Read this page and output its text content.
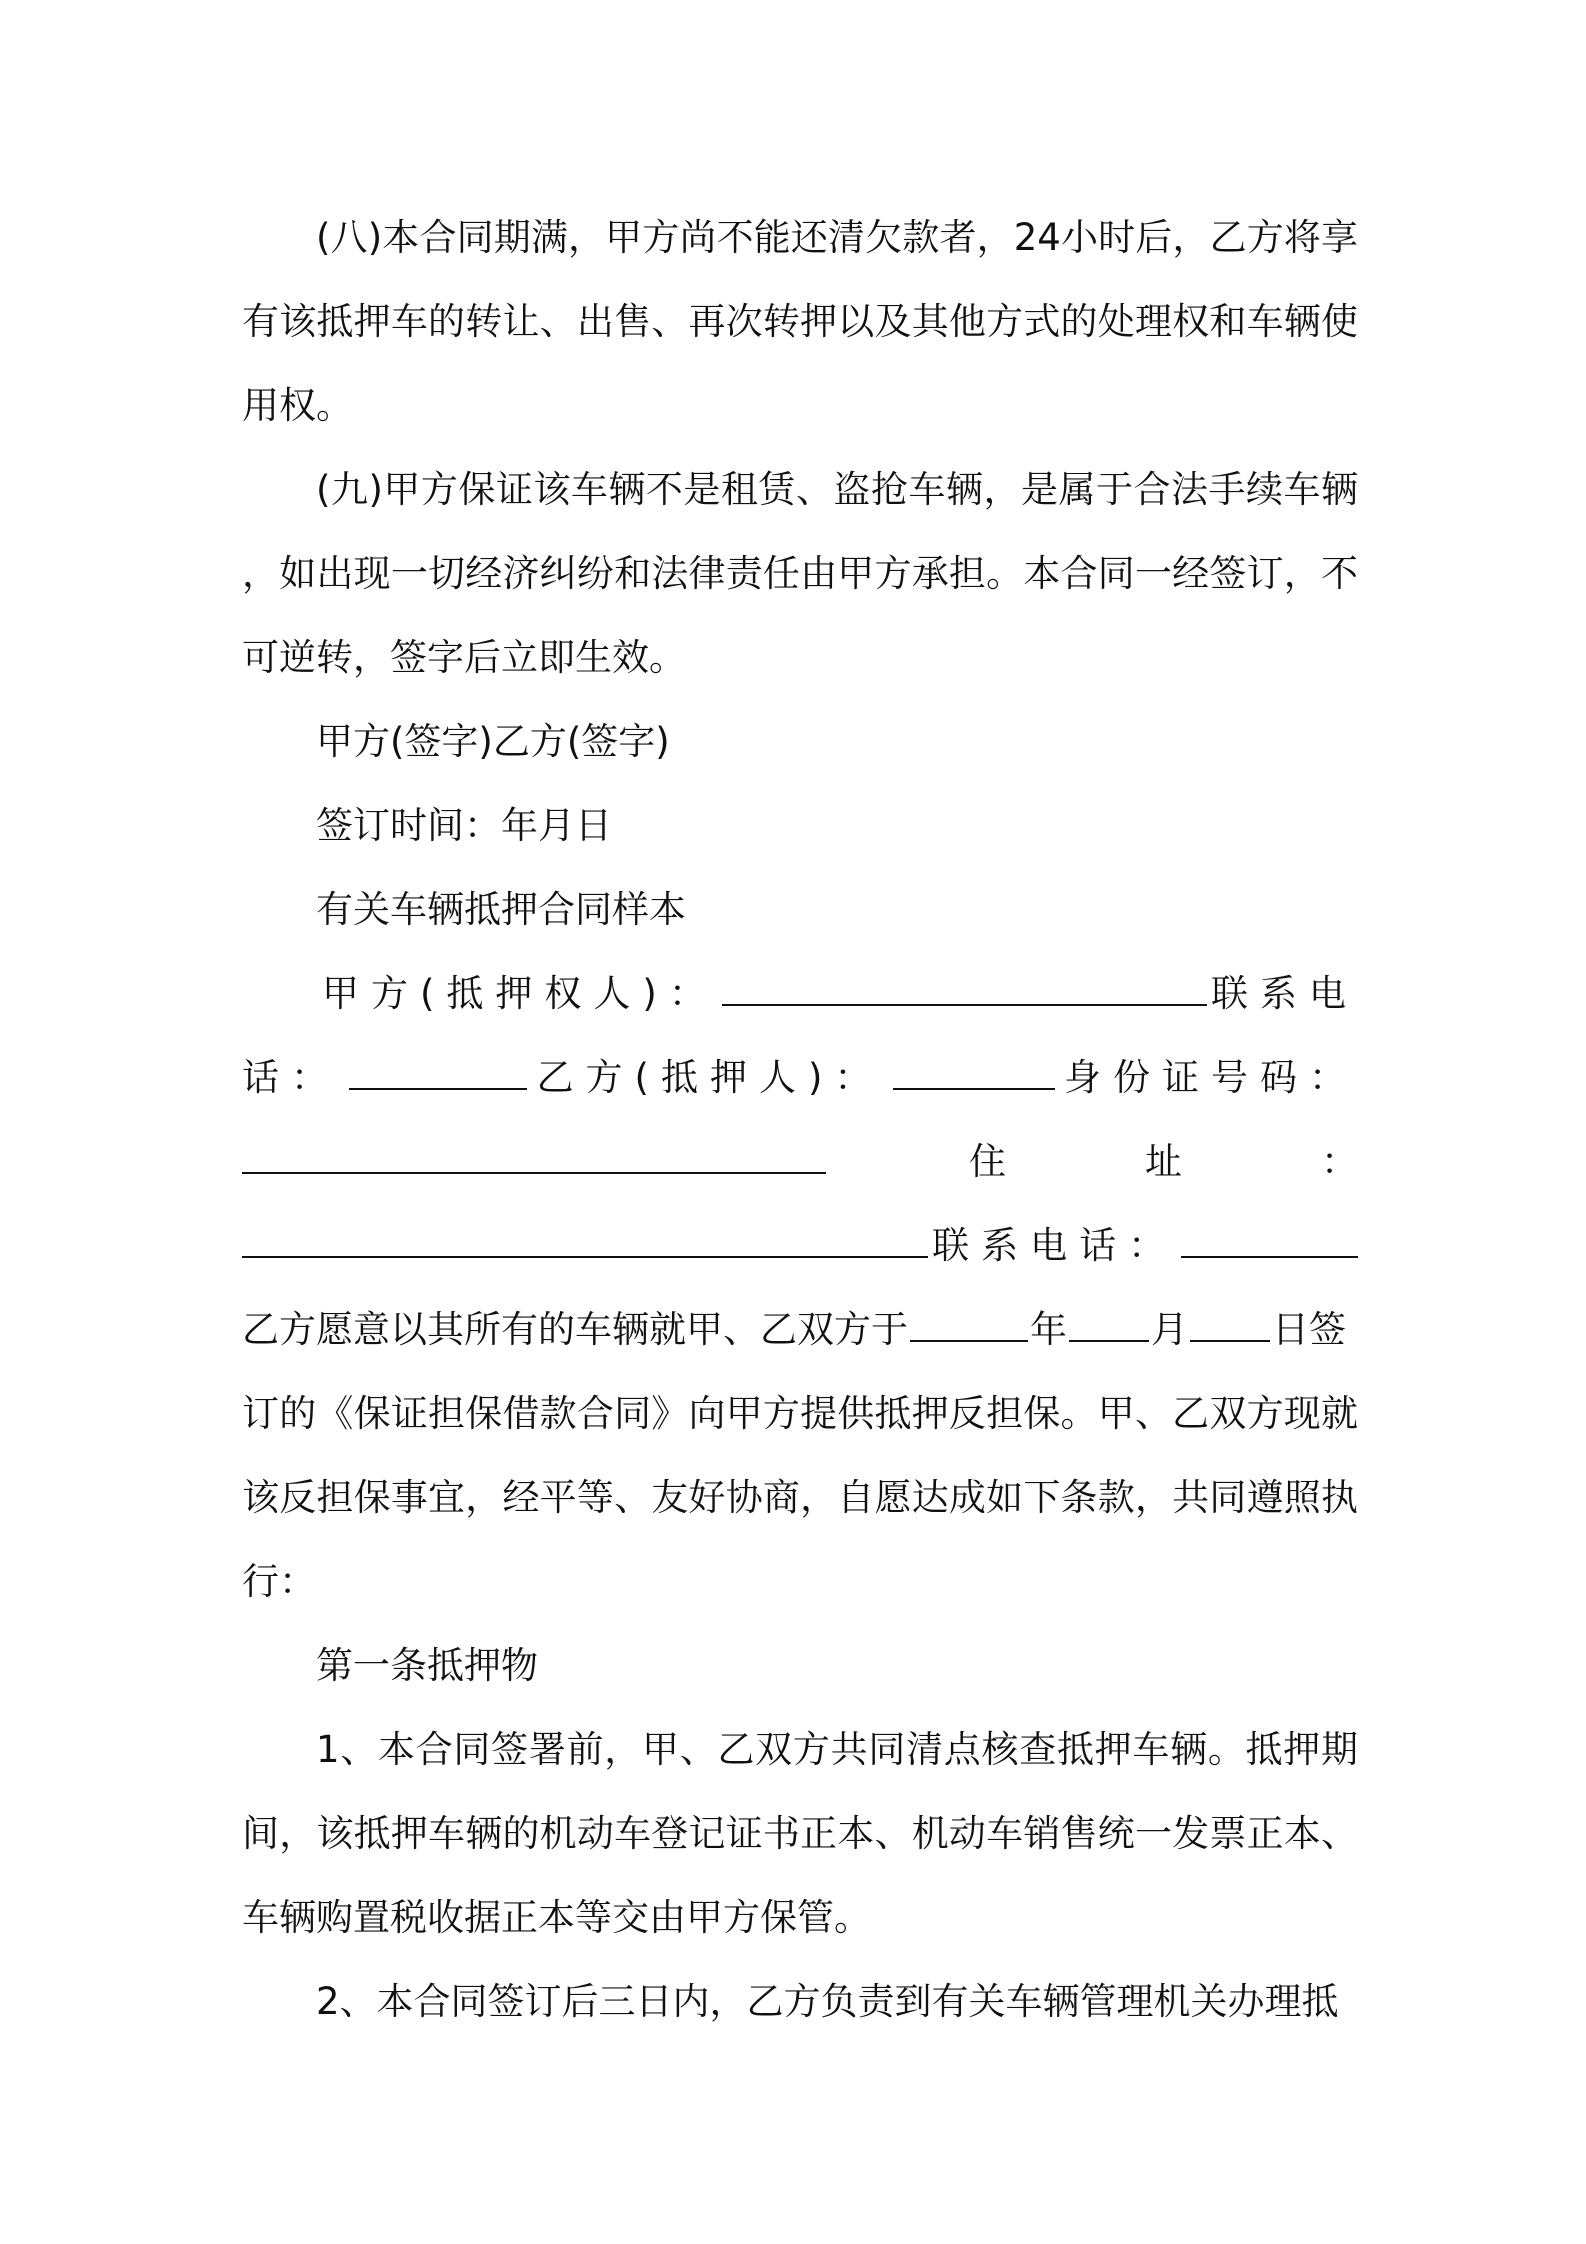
(八)本合同期满，甲方尚不能还清欠款者，24小时后，乙方将享有该抵押车的转让、出售、再次转押以及其他方式的处理权和车辆使用权。

(九)甲方保证该车辆不是租赁、盗抢车辆，是属于合法手续车辆，如出现一切经济纠纷和法律责任由甲方承担。本合同一经签订，不可逆转，签字后立即生效。

甲方(签字)乙方(签字)

签订时间：年月日

有关车辆抵押合同样本

甲方(抵押权人)：	联系电
话：	乙方(抵押人)：	身份证号码：
住	址	：
联系电话：
乙方愿意以其所有的车辆就甲、乙双方于	年 月 日签

订的《保证担保借款合同》向甲方提供抵押反担保。甲、乙双方现就该反担保事宜，经平等、友好协商，自愿达成如下条款，共同遵照执行：

第一条抵押物

1、本合同签署前，甲、乙双方共同清点核查抵押车辆。抵押期间，该抵押车辆的机动车登记证书正本、机动车销售统一发票正本、车辆购置税收据正本等交由甲方保管。

2、本合同签订后三日内，乙方负责到有关车辆管理机关办理抵
